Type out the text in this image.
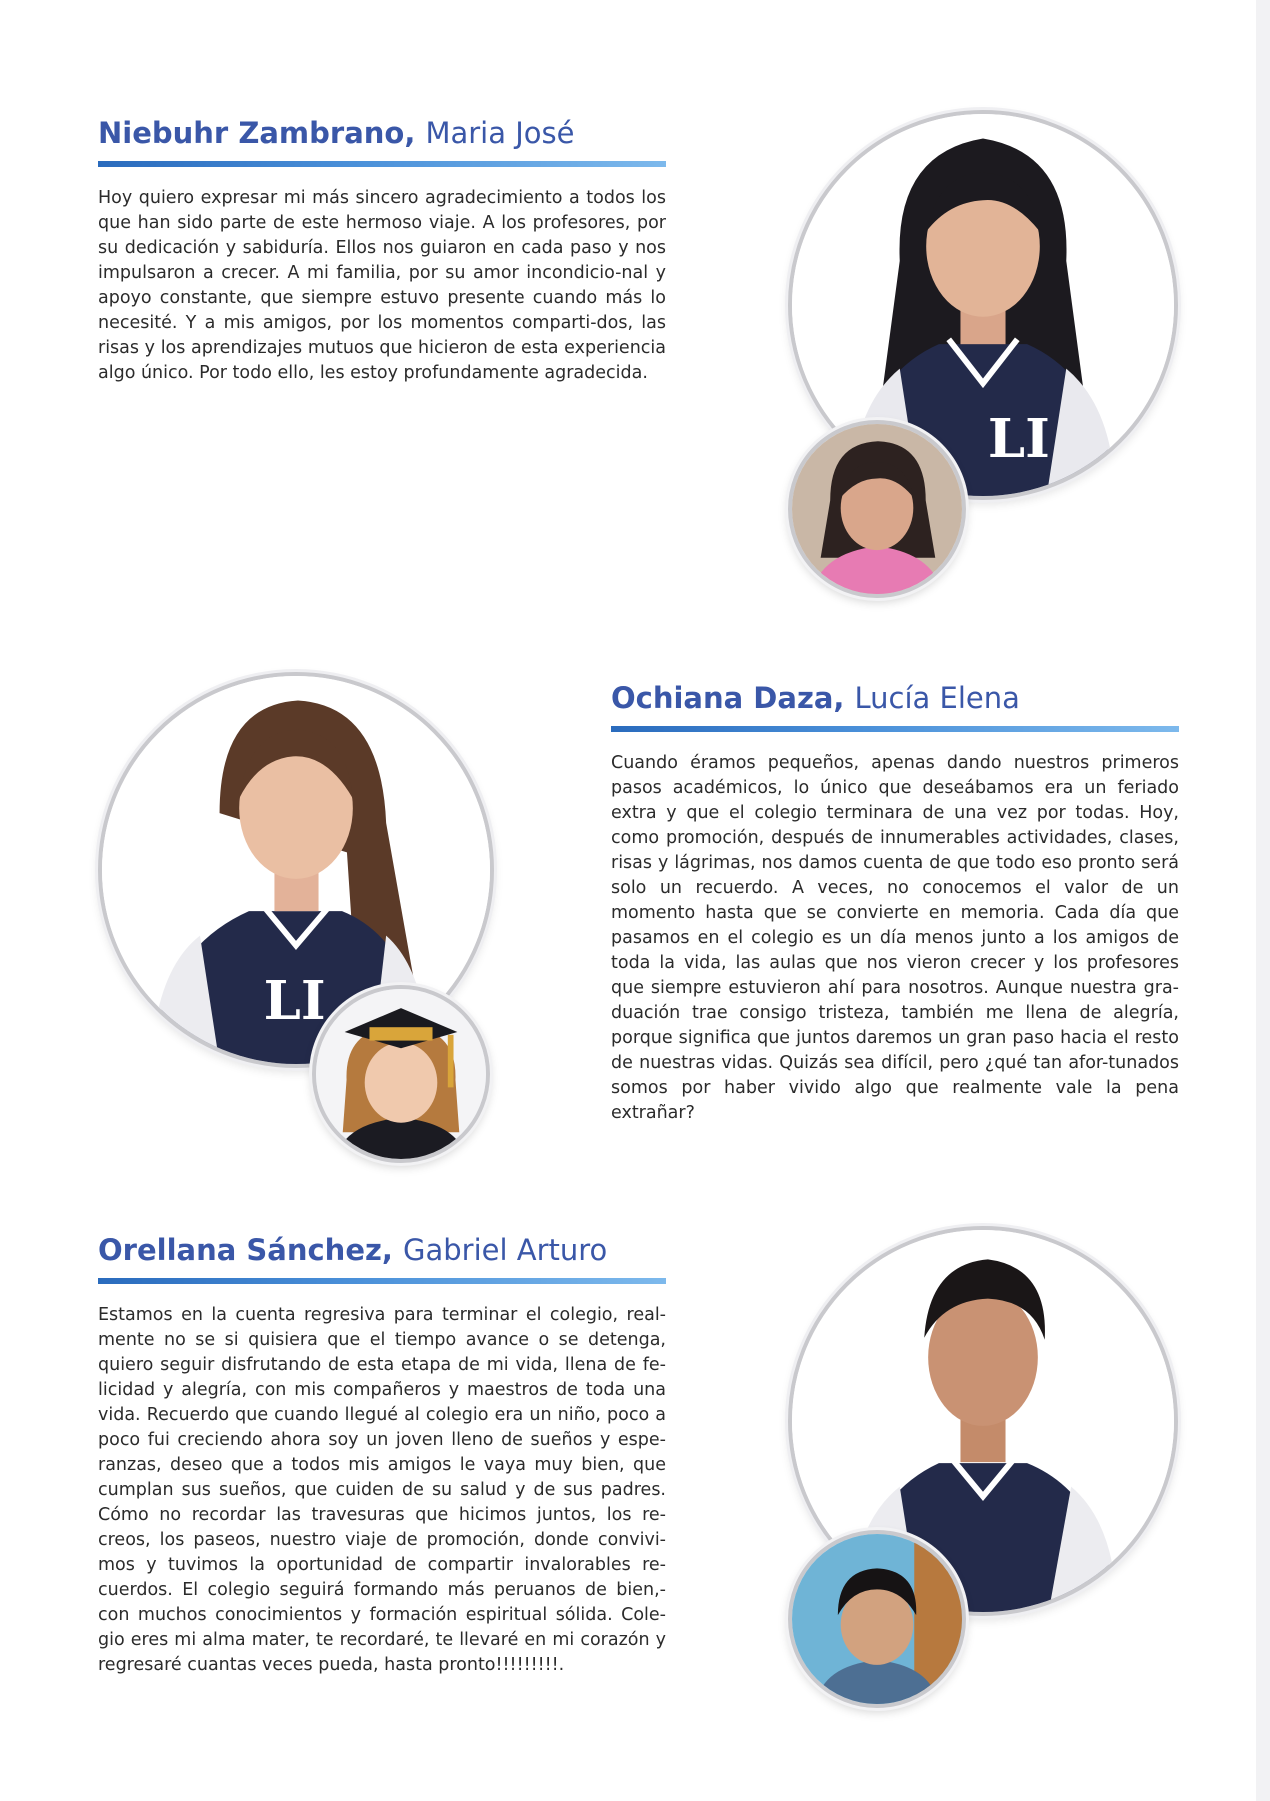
Niebuhr Zambrano, Maria José

Hoy quiero expresar mi más sincero agradecimiento a todos los que han sido parte de este hermoso viaje. A los profesores, por su dedicación y sabiduría. Ellos nos guiaron en cada paso y nos impulsaron a crecer. A mi familia, por su amor incondicio-nal y apoyo constante, que siempre estuvo presente cuando más lo necesité. Y a mis amigos, por los momentos comparti-dos, las risas y los aprendizajes mutuos que hicieron de esta experiencia algo único. Por todo ello, les estoy profundamente agradecida.

LI
Ochiana Daza, Lucía Elena

Cuando éramos pequeños, apenas dando nuestros primeros pasos académicos, lo único que deseábamos era un feriado extra y que el colegio terminara de una vez por todas. Hoy, como promoción, después de innumerables actividades, clases, risas y lágrimas, nos damos cuenta de que todo eso pronto será solo un recuerdo. A veces, no conocemos el valor de un momento hasta que se convierte en memoria. Cada día que pasamos en el colegio es un día menos junto a los amigos de toda la vida, las aulas que nos vieron crecer y los profesores que siempre estuvieron ahí para nosotros. Aunque nuestra gra-duación trae consigo tristeza, también me llena de alegría, porque significa que juntos daremos un gran paso hacia el resto de nuestras vidas. Quizás sea difícil, pero ¿qué tan afor-tunados somos por haber vivido algo que realmente vale la pena extrañar?

LI
Orellana Sánchez, Gabriel Arturo

Estamos en la cuenta regresiva para terminar el colegio, real-mente no se si quisiera que el tiempo avance o se detenga, quiero seguir disfrutando de esta etapa de mi vida, llena de fe-licidad y alegría, con mis compañeros y maestros de toda una vida. Recuerdo que cuando llegué al colegio era un niño, poco a poco fui creciendo ahora soy un joven lleno de sueños y espe-ranzas, deseo que a todos mis amigos le vaya muy bien, que cumplan sus sueños, que cuiden de su salud y de sus padres. Cómo no recordar las travesuras que hicimos juntos, los re-creos, los paseos, nuestro viaje de promoción, donde convivi-mos y tuvimos la oportunidad de compartir invalorables re-cuerdos. El colegio seguirá formando más peruanos de bien,-con muchos conocimientos y formación espiritual sólida. Cole-gio eres mi alma mater, te recordaré, te llevaré en mi corazón y regresaré cuantas veces pueda, hasta pronto!!!!!!!!!.
